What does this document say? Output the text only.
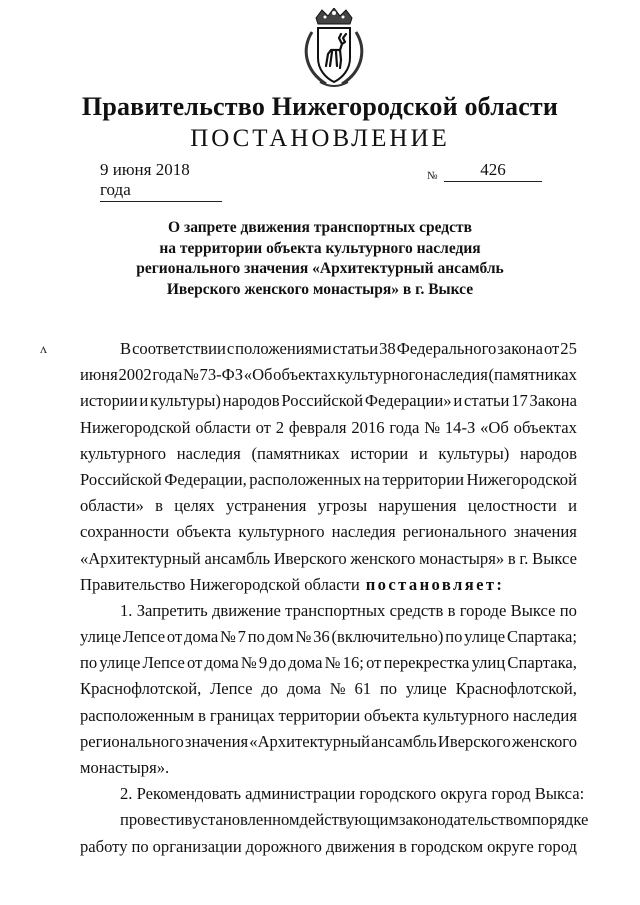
Правительство Нижегородской области
ПОСТАНОВЛЕНИЕ
9 июня 2018 года
№	426
О запрете движения транспортных средств
на территории объекта культурного наследия
регионального значения «Архитектурный ансамбль
Иверского женского монастыря» в г. Выксе
ʌ	В соответствии с положениями статьи 38 Федерального закона от 25
июня 2002 года № 73-ФЗ «Об объектах культурного наследия (памятниках
истории и культуры) народов Российской Федерации» и статьи 17 Закона
Нижегородской области от 2 февраля 2016 года № 14-З «Об объектах
культурного наследия (памятниках истории и культуры) народов
Российской Федерации, расположенных на территории Нижегородской
области» в целях устранения угрозы нарушения целостности и
сохранности объекта культурного наследия регионального значения
«Архитектурный ансамбль Иверского женского монастыря» в г. Выксе
Правительство Нижегородской области постановляет:
1. Запретить движение транспортных средств в городе Выксе по
улице Лепсе от дома № 7 по дом № 36 (включительно) по улице Спартака;
по улице Лепсе от дома № 9 до дома № 16; от перекрестка улиц Спартака,
Краснофлотской, Лепсе до дома № 61 по улице Краснофлотской,
расположенным в границах территории объекта культурного наследия
регионального значения «Архитектурный ансамбль Иверского женского
монастыря».
2. Рекомендовать администрации городского округа город Выкса:
провести в установленном действующим законодательством порядке
работу по организации дорожного движения в городском округе город
